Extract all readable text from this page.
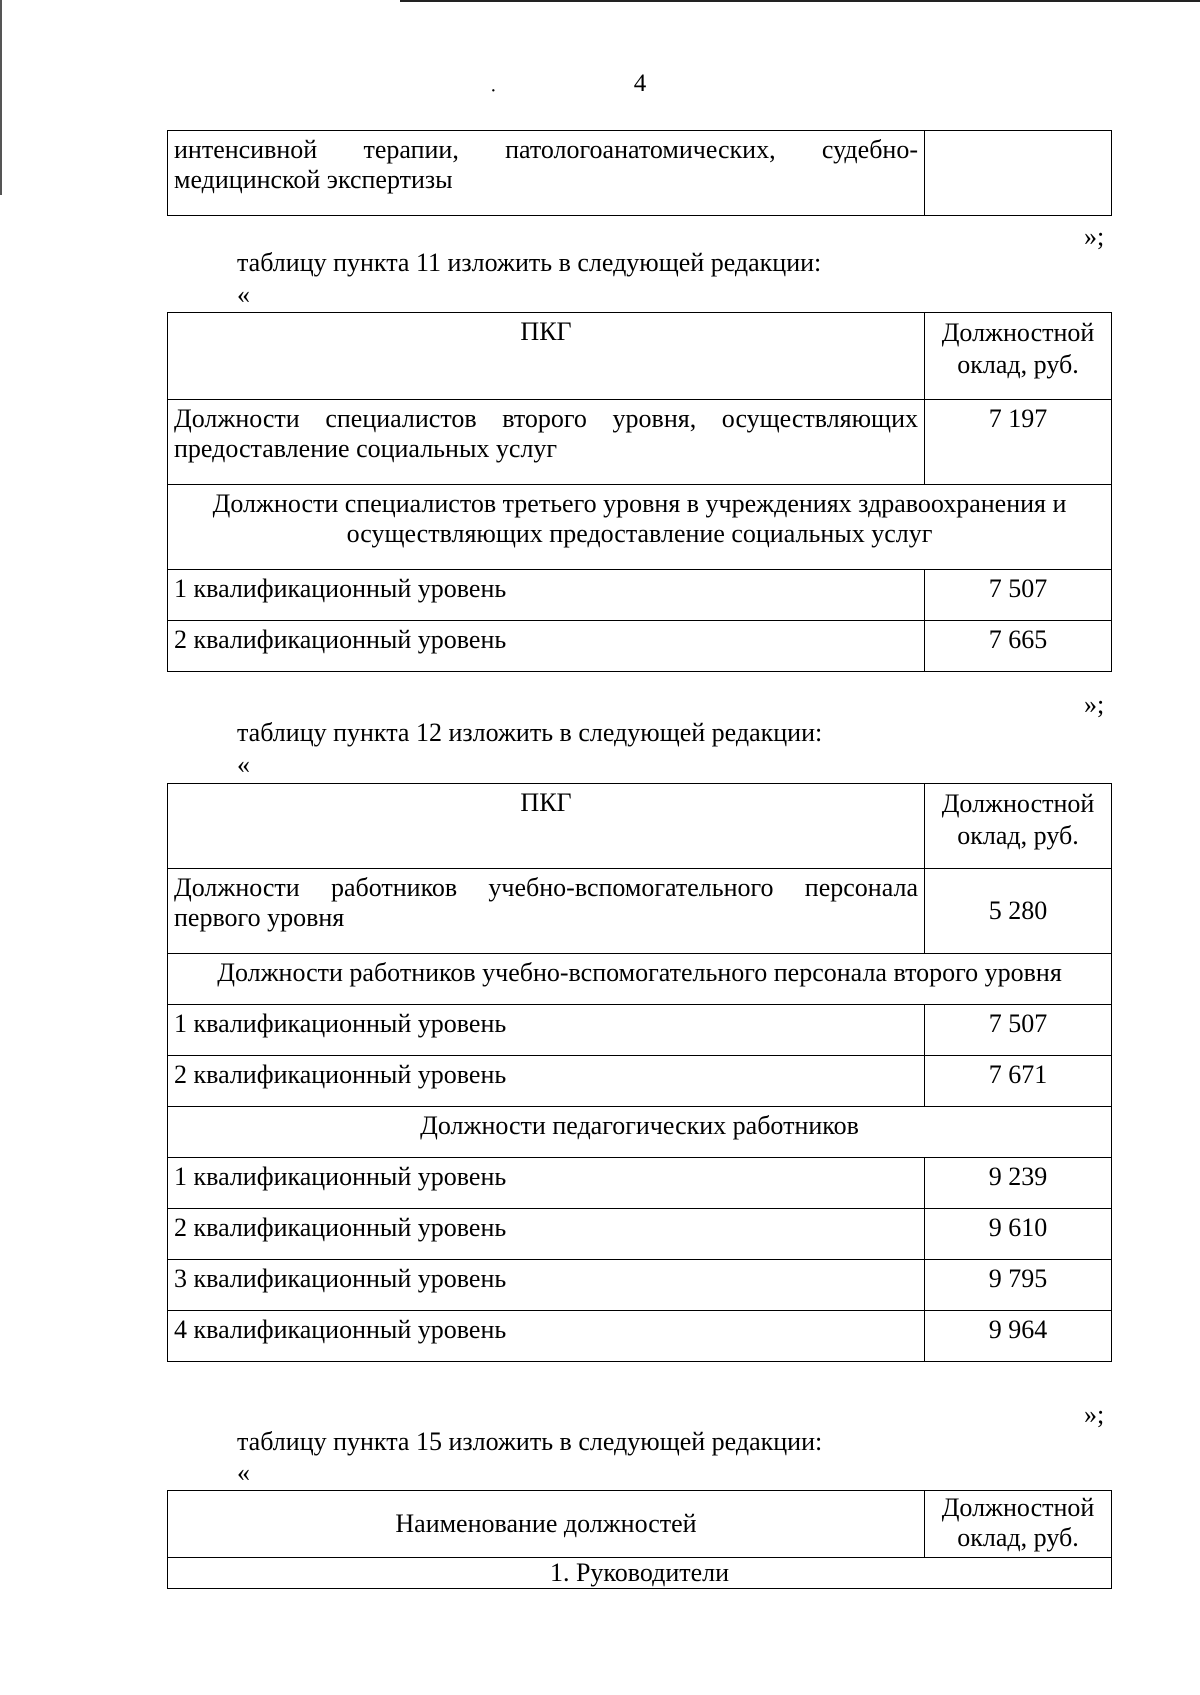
4
·
интенсивной терапии, патологоанатомических, судебно-медицинской экспертизы	
»;
таблицу пункта 11 изложить в следующей редакции:
«
ПКГ	Должностной оклад, руб.
Должности специалистов второго уровня, осуществляющих предоставление социальных услуг	7 197
Должности специалистов третьего уровня в учреждениях здравоохранения и осуществляющих предоставление социальных услуг	
1 квалификационный уровень	7 507
2 квалификационный уровень	7 665
»;
таблицу пункта 12 изложить в следующей редакции:
«
ПКГ	Должностной оклад, руб.
Должности работников учебно-вспомогательного персонала первого уровня	5 280
Должности работников учебно-вспомогательного персонала второго уровня	
1 квалификационный уровень	7 507
2 квалификационный уровень	7 671
Должности педагогических работников	
1 квалификационный уровень	9 239
2 квалификационный уровень	9 610
3 квалификационный уровень	9 795
4 квалификационный уровень	9 964
»;
таблицу пункта 15 изложить в следующей редакции:
«
Наименование должностей	Должностной оклад, руб.
1. Руководители
